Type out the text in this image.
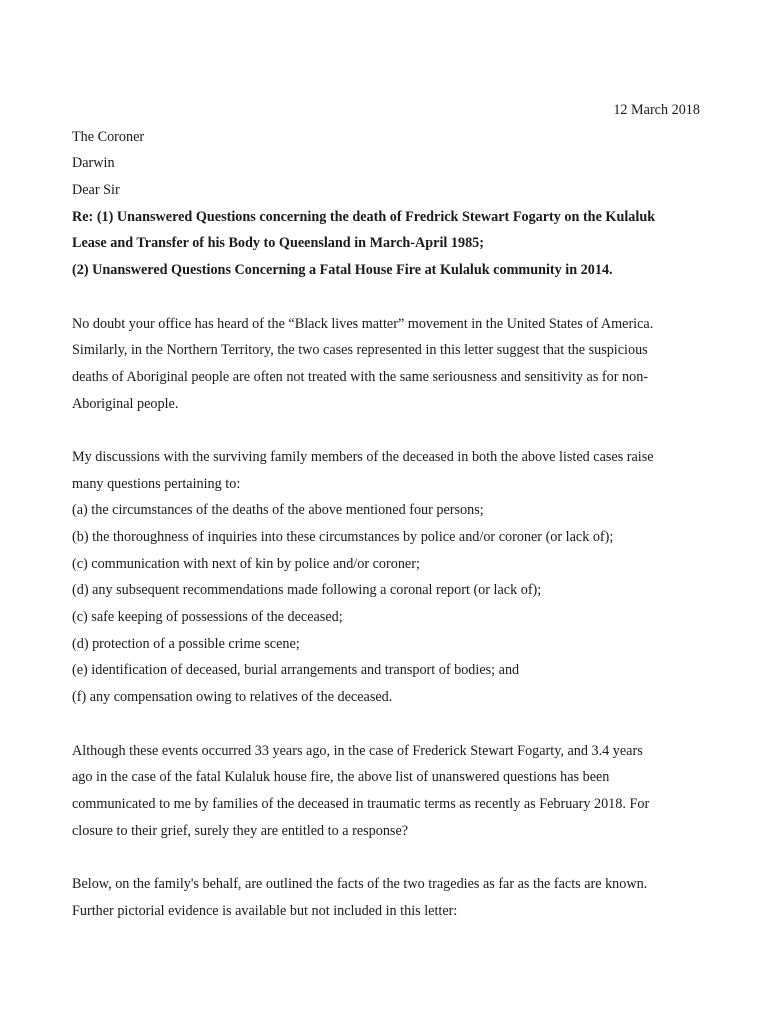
12 March 2018
The Coroner
Darwin
Dear Sir
Re: (1) Unanswered Questions concerning the death of Fredrick Stewart Fogarty on the Kulaluk
Lease and Transfer of his Body to Queensland in March-April 1985;
(2) Unanswered Questions Concerning a Fatal House Fire at Kulaluk community in 2014.
No doubt your office has heard of the “Black lives matter” movement in the United States of America.
Similarly, in the Northern Territory, the two cases represented in this letter suggest that the suspicious
deaths of Aboriginal people are often not treated with the same seriousness and sensitivity as for non-
Aboriginal people.
My discussions with the surviving family members of the deceased in both the above listed cases raise
many questions pertaining to:
(a) the circumstances of the deaths of the above mentioned four persons;
(b) the thoroughness of inquiries into these circumstances by police and/or coroner (or lack of);
(c) communication with next of kin by police and/or coroner;
(d) any subsequent recommendations made following a coronal report (or lack of);
(c) safe keeping of possessions of the deceased;
(d) protection of a possible crime scene;
(e) identification of deceased, burial arrangements and transport of bodies; and
(f) any compensation owing to relatives of the deceased.
Although these events occurred 33 years ago, in the case of Frederick Stewart Fogarty, and 3.4 years
ago in the case of the fatal Kulaluk house fire, the above list of unanswered questions has been
communicated to me by families of the deceased in traumatic terms as recently as February 2018. For
closure to their grief, surely they are entitled to a response?
Below, on the family's behalf, are outlined the facts of the two tragedies as far as the facts are known.
Further pictorial evidence is available but not included in this letter:
